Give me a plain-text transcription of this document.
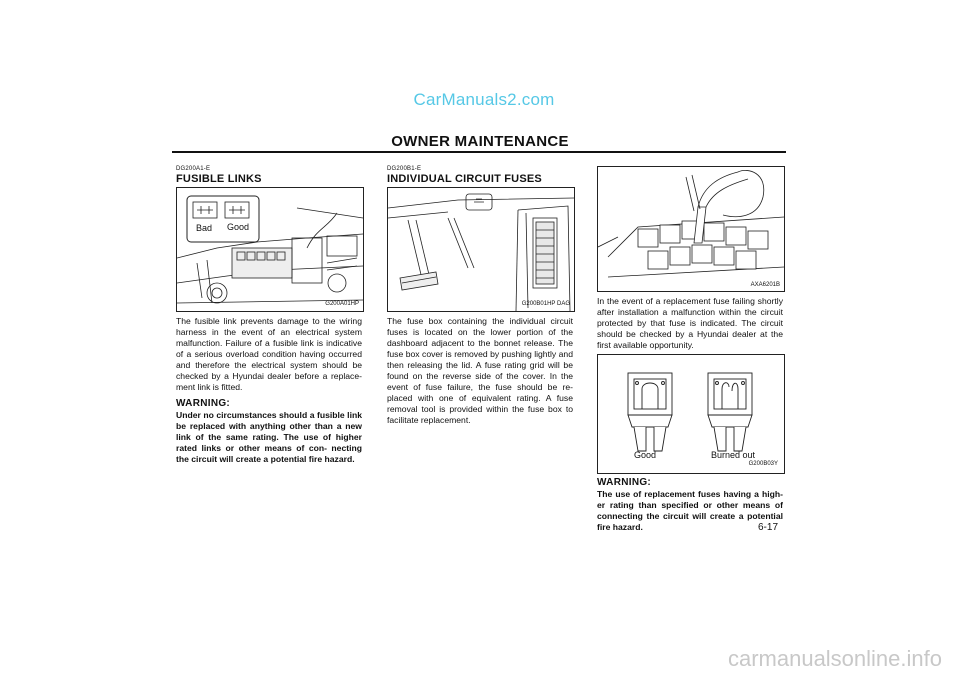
CarManuals2.com
OWNER MAINTENANCE
DG200A1-E
FUSIBLE LINKS
Bad Good
G200A01HP
The fusible link prevents damage to the wiring harness in the event of an electrical system malfunction. Failure of a fusible link is indicative of a serious overload condition having occurred and therefore the electrical system should be checked by a Hyundai dealer before a replace- ment link is fitted.
WARNING:
Under no circumstances should a fusible link be replaced with anything other than a new link of the same rating. The use of higher rated links or other means of con- necting the circuit will create a potential fire hazard.
DG200B1-E
INDIVIDUAL CIRCUIT FUSES
G200B01HP DAG
The fuse box containing the individual circuit fuses is located on the lower portion of the dashboard adjacent to the bonnet release. The fuse box cover is removed by pushing lightly and then releasing the lid. A fuse rating grid will be found on the reverse side of the cover. In the event of fuse failure, the fuse should be re- placed with one of equivalent rating. A fuse removal tool is provided within the fuse box to facilitate replacement.
AXA6201B
In the event of a replacement fuse failing shortly after installation a malfunction within the circuit protected by that fuse is indicated. The circuit should be checked by a Hyundai dealer at the first available opportunity.
Good	Burned out
G200B03Y
WARNING:
The use of replacement fuses having a high- er rating than specified or other means of connecting the circuit will create a potential fire hazard.	6-17
carmanualsonline.info
